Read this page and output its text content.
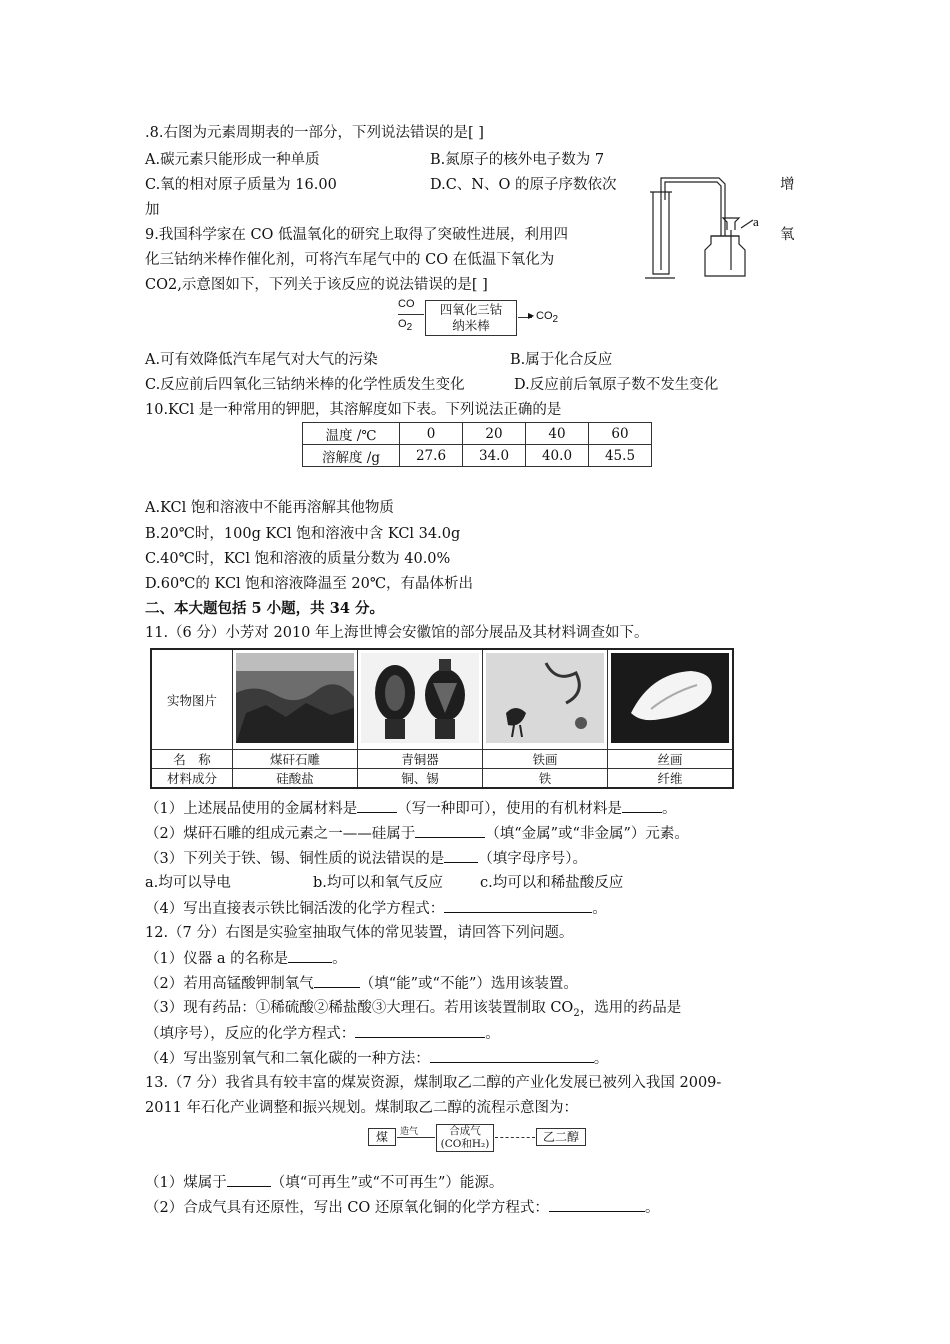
.8.右图为元素周期表的一部分，下列说法错误的是[ ]
A.碳元素只能形成一种单质	B.氮原子的核外电子数为 7
C.氧的相对原子质量为 16.00	D.C、N、O 的原子序数依次	增
加
氧
a
9.我国科学家在 CO 低温氧化的研究上取得了突破性进展，利用四
化三钴纳米棒作催化剂，可将汽车尾气中的 CO 在低温下氧化为
CO2,示意图如下，下列关于该反应的说法错误的是[ ]
CO
O2
四氧化三钴
纳米棒
▶ CO2
A.可有效降低汽车尾气对大气的污染	B.属于化合反应
C.反应前后四氧化三钴纳米棒的化学性质发生变化	D.反应前后氧原子数不发生变化
10.KCl 是一种常用的钾肥，其溶解度如下表。下列说法正确的是
温度 /℃	0	20	40	60
溶解度 /g	27.6	34.0	40.0	45.5
A.KCl 饱和溶液中不能再溶解其他物质
B.20℃时，100g KCl 饱和溶液中含 KCl 34.0g
C.40℃时，KCl 饱和溶液的质量分数为 40.0%
D.60℃的 KCl 饱和溶液降温至 20℃，有晶体析出
二、本大题包括 5 小题，共 34 分。
11.（6 分）小芳对 2010 年上海世博会安徽馆的部分展品及其材料调查如下。
实物图片				
名　称	煤矸石雕	青铜器	铁画	丝画
材料成分	硅酸盐	铜、锡	铁	纤维
（1）上述展品使用的金属材料是	（写一种即可），使用的有机材料是	。
（2）煤矸石雕的组成元素之一——硅属于	（填“金属”或“非金属”）元素。
（3）下列关于铁、锡、铜性质的说法错误的是 （填字母序号）。
a.均可以导电	b.均可以和氧气反应	c.均可以和稀盐酸反应
（4）写出直接表示铁比铜活泼的化学方程式：	。
12.（7 分）右图是实验室抽取气体的常见装置，请回答下列问题。
（1）仪器 a 的名称是	。
（2）若用高锰酸钾制氧气	（填“能”或“不能”）选用该装置。
（3）现有药品：①稀硫酸②稀盐酸③大理石。若用该装置制取 $CO_2$，选用的药品是
（填序号），反应的化学方程式：	。
（4）写出鉴别氧气和二氧化碳的一种方法：	。
13.（7 分）我省具有较丰富的煤炭资源，煤制取乙二醇的产业化发展已被列入我国 2009-
2011 年石化产业调整和振兴规划。煤制取乙二醇的流程示意图为：
煤	造气	合成气
(CO和H₂)	乙二醇
（1）煤属于	（填“可再生”或“不可再生”）能源。
（2）合成气具有还原性，写出 CO 还原氧化铜的化学方程式：	。
